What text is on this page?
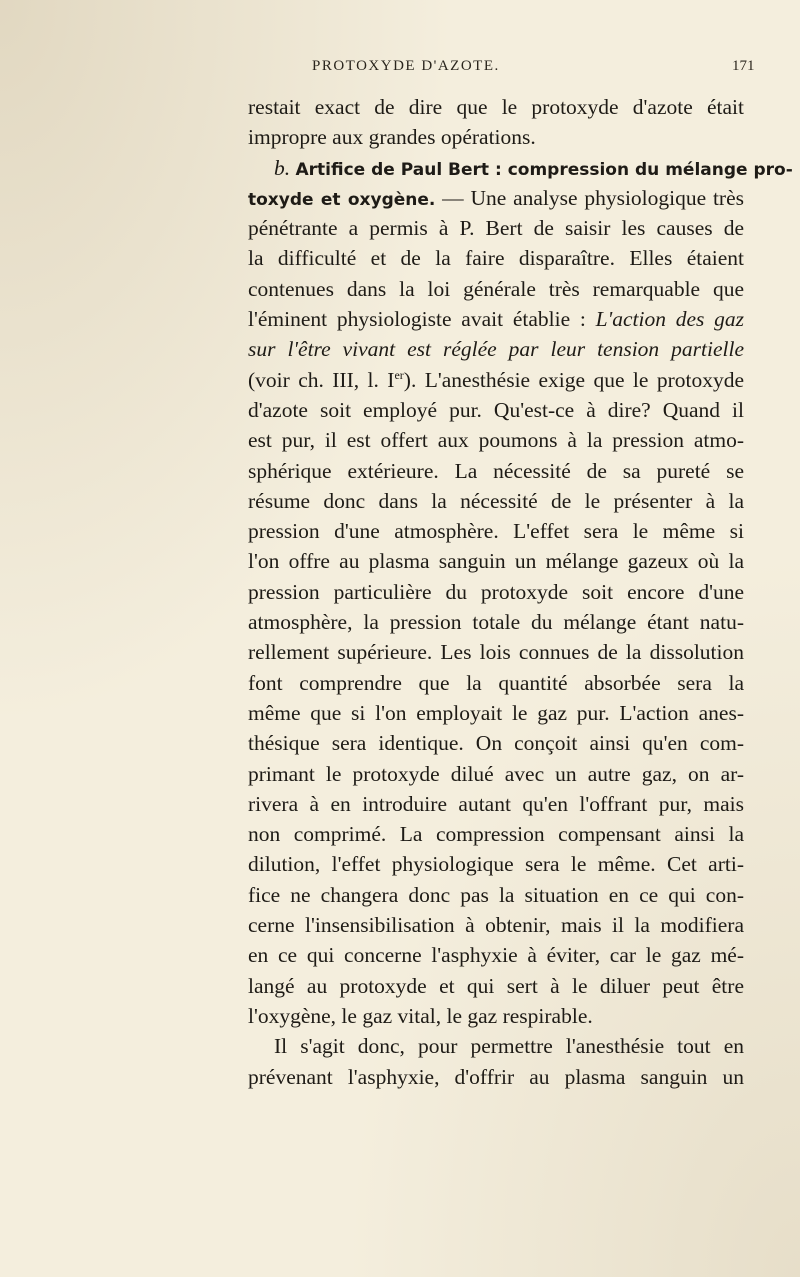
PROTOXYDE D'AZOTE.	171
restait exact de dire que le protoxyde d'azote était
impropre aux grandes opérations.
b. Artifice de Paul Bert : compression du mélange pro-
toxyde et oxygène. — Une analyse physiologique très
pénétrante a permis à P. Bert de saisir les causes de
la difficulté et de la faire disparaître. Elles étaient
contenues dans la loi générale très remarquable que
l'éminent physiologiste avait établie : L'action des gaz
sur l'être vivant est réglée par leur tension partielle
(voir ch. III, l. Ier). L'anesthésie exige que le protoxyde
d'azote soit employé pur. Qu'est-ce à dire? Quand il
est pur, il est offert aux poumons à la pression atmo-
sphérique extérieure. La nécessité de sa pureté se
résume donc dans la nécessité de le présenter à la
pression d'une atmosphère. L'effet sera le même si
l'on offre au plasma sanguin un mélange gazeux où la
pression particulière du protoxyde soit encore d'une
atmosphère, la pression totale du mélange étant natu-
rellement supérieure. Les lois connues de la dissolution
font comprendre que la quantité absorbée sera la
même que si l'on employait le gaz pur. L'action anes-
thésique sera identique. On conçoit ainsi qu'en com-
primant le protoxyde dilué avec un autre gaz, on ar-
rivera à en introduire autant qu'en l'offrant pur, mais
non comprimé. La compression compensant ainsi la
dilution, l'effet physiologique sera le même. Cet arti-
fice ne changera donc pas la situation en ce qui con-
cerne l'insensibilisation à obtenir, mais il la modifiera
en ce qui concerne l'asphyxie à éviter, car le gaz mé-
langé au protoxyde et qui sert à le diluer peut être
l'oxygène, le gaz vital, le gaz respirable.
Il s'agit donc, pour permettre l'anesthésie tout en
prévenant l'asphyxie, d'offrir au plasma sanguin un
